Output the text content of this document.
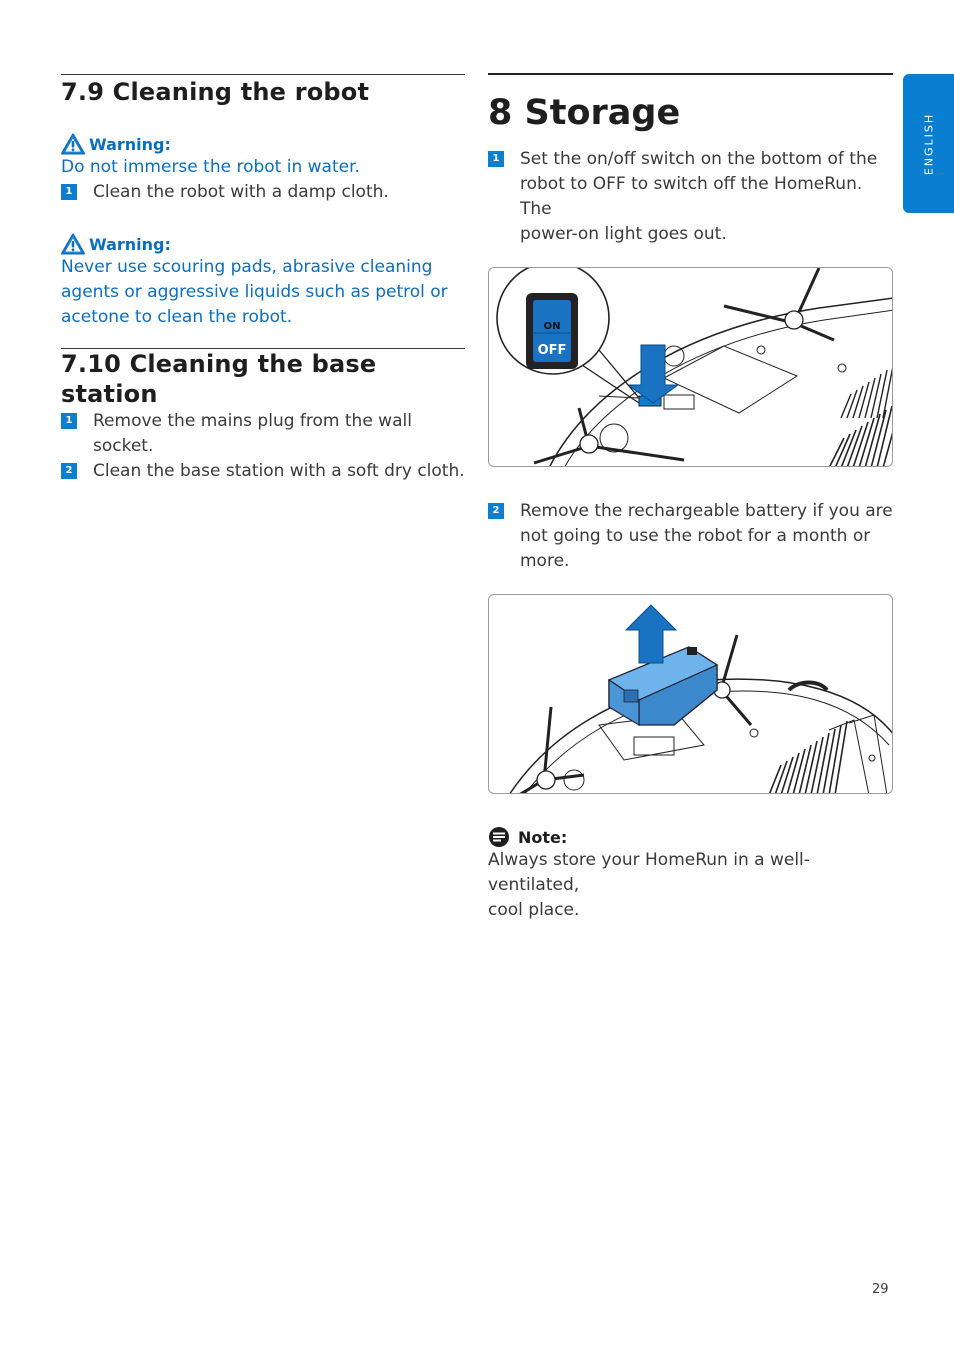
7.9 Cleaning the robot
Warning:
Do not immerse the robot in water.
1 Clean the robot with a damp cloth.
Warning:
Never use scouring pads, abrasive cleaning
agents or aggressive liquids such as petrol or
acetone to clean the robot.
7.10 Cleaning the base station
1 Remove the mains plug from the wall socket.
2 Clean the base station with a soft dry cloth.
8 Storage
1 Set the on/off switch on the bottom of the
robot to OFF to switch off the HomeRun. The
power-on light goes out.
ON
OFF
2 Remove the rechargeable battery if you are
not going to use the robot for a month or
more.
Note:
Always store your HomeRun in a well-ventilated,
cool place.
ENGLISH
29
